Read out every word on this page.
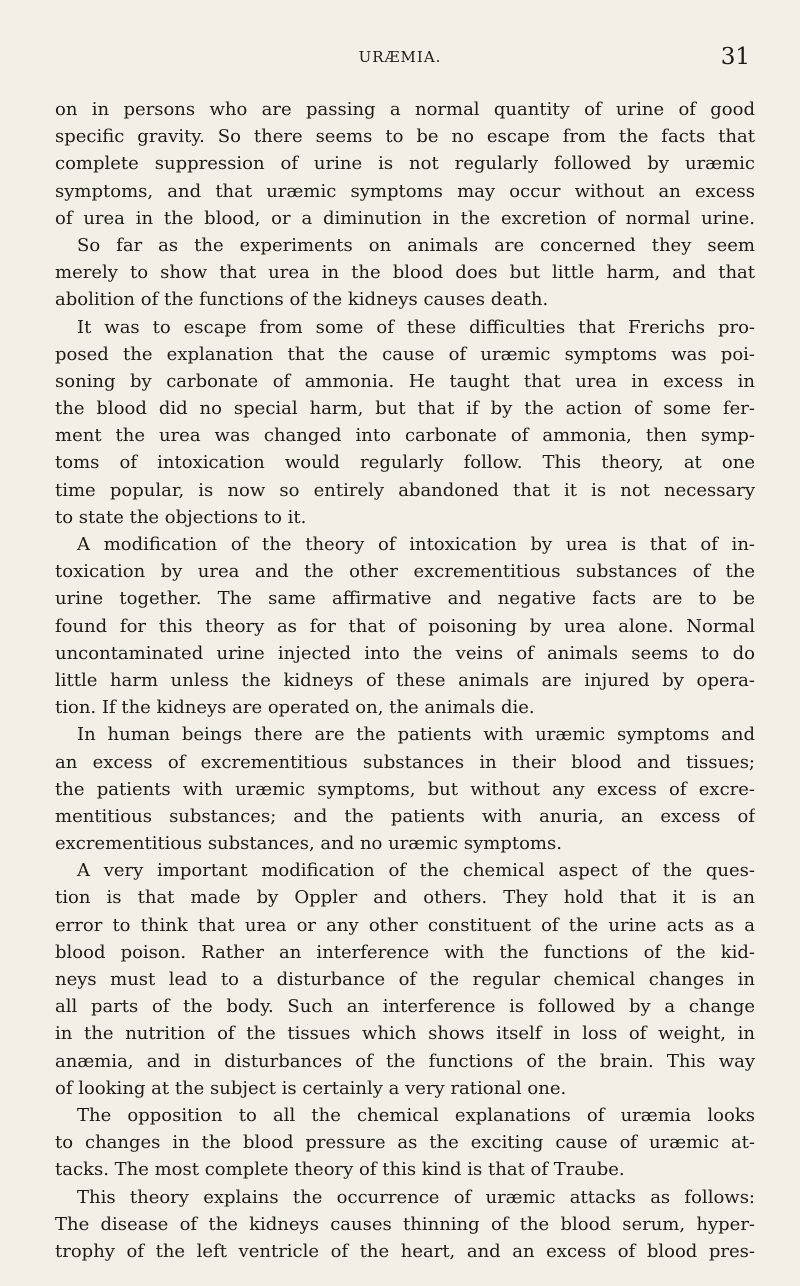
URÆMIA.	31
on in persons who are passing a normal quantity of urine of good
specific gravity. So there seems to be no escape from the facts that
complete suppression of urine is not regularly followed by uræmic
symptoms, and that uræmic symptoms may occur without an excess
of urea in the blood, or a diminution in the excretion of normal urine.
So far as the experiments on animals are concerned they seem
merely to show that urea in the blood does but little harm, and that
abolition of the functions of the kidneys causes death.
It was to escape from some of these difficulties that Frerichs pro-
posed the explanation that the cause of uræmic symptoms was poi-
soning by carbonate of ammonia. He taught that urea in excess in
the blood did no special harm, but that if by the action of some fer-
ment the urea was changed into carbonate of ammonia, then symp-
toms of intoxication would regularly follow. This theory, at one
time popular, is now so entirely abandoned that it is not necessary
to state the objections to it.
A modification of the theory of intoxication by urea is that of in-
toxication by urea and the other excrementitious substances of the
urine together. The same affirmative and negative facts are to be
found for this theory as for that of poisoning by urea alone. Normal
uncontaminated urine injected into the veins of animals seems to do
little harm unless the kidneys of these animals are injured by opera-
tion. If the kidneys are operated on, the animals die.
In human beings there are the patients with uræmic symptoms and
an excess of excrementitious substances in their blood and tissues;
the patients with uræmic symptoms, but without any excess of excre-
mentitious substances; and the patients with anuria, an excess of
excrementitious substances, and no uræmic symptoms.
A very important modification of the chemical aspect of the ques-
tion is that made by Oppler and others. They hold that it is an
error to think that urea or any other constituent of the urine acts as a
blood poison. Rather an interference with the functions of the kid-
neys must lead to a disturbance of the regular chemical changes in
all parts of the body. Such an interference is followed by a change
in the nutrition of the tissues which shows itself in loss of weight, in
anæmia, and in disturbances of the functions of the brain. This way
of looking at the subject is certainly a very rational one.
The opposition to all the chemical explanations of uræmia looks
to changes in the blood pressure as the exciting cause of uræmic at-
tacks. The most complete theory of this kind is that of Traube.
This theory explains the occurrence of uræmic attacks as follows:
The disease of the kidneys causes thinning of the blood serum, hyper-
trophy of the left ventricle of the heart, and an excess of blood pres-
